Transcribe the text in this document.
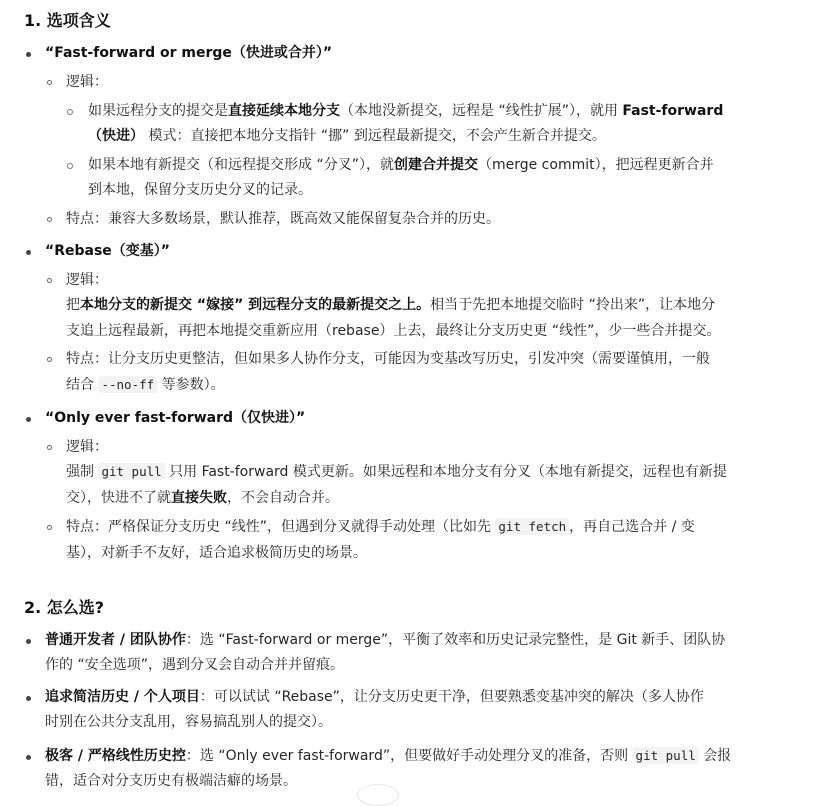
1. 选项含义
“Fast-forward or merge（快进或合并）”
逻辑：
如果远程分支的提交是直接延续本地分支（本地没新提交，远程是 “线性扩展”），就用 Fast-forward
（快进） 模式：直接把本地分支指针 “挪” 到远程最新提交，不会产生新合并提交。
如果本地有新提交（和远程提交形成 “分叉”），就创建合并提交（merge commit），把远程更新合并
到本地，保留分支历史分叉的记录。
特点：兼容大多数场景，默认推荐，既高效又能保留复杂合并的历史。
“Rebase（变基）”
逻辑：
把本地分支的新提交 “嫁接” 到远程分支的最新提交之上。相当于先把本地提交临时 “拎出来”，让本地分
支追上远程最新，再把本地提交重新应用（rebase）上去，最终让分支历史更 “线性”，少一些合并提交。
特点：让分支历史更整洁，但如果多人协作分支，可能因为变基改写历史，引发冲突（需要谨慎用，一般
结合 --no-ff 等参数）。
“Only ever fast-forward（仅快进）”
逻辑：
强制 git pull 只用 Fast-forward 模式更新。如果远程和本地分支有分叉（本地有新提交，远程也有新提
交），快进不了就直接失败，不会自动合并。
特点：严格保证分支历史 “线性”，但遇到分叉就得手动处理（比如先 git fetch ，再自己选合并 / 变
基），对新手不友好，适合追求极简历史的场景。
2. 怎么选?
普通开发者 / 团队协作：选 “Fast-forward or merge”，平衡了效率和历史记录完整性，是 Git 新手、团队协
作的 “安全选项”，遇到分叉会自动合并并留痕。
追求简洁历史 / 个人项目：可以试试 “Rebase”，让分支历史更干净，但要熟悉变基冲突的解决（多人协作
时别在公共分支乱用，容易搞乱别人的提交）。
极客 / 严格线性历史控：选 “Only ever fast-forward”，但要做好手动处理分叉的准备，否则 git pull 会报
错，适合对分支历史有极端洁癖的场景。
